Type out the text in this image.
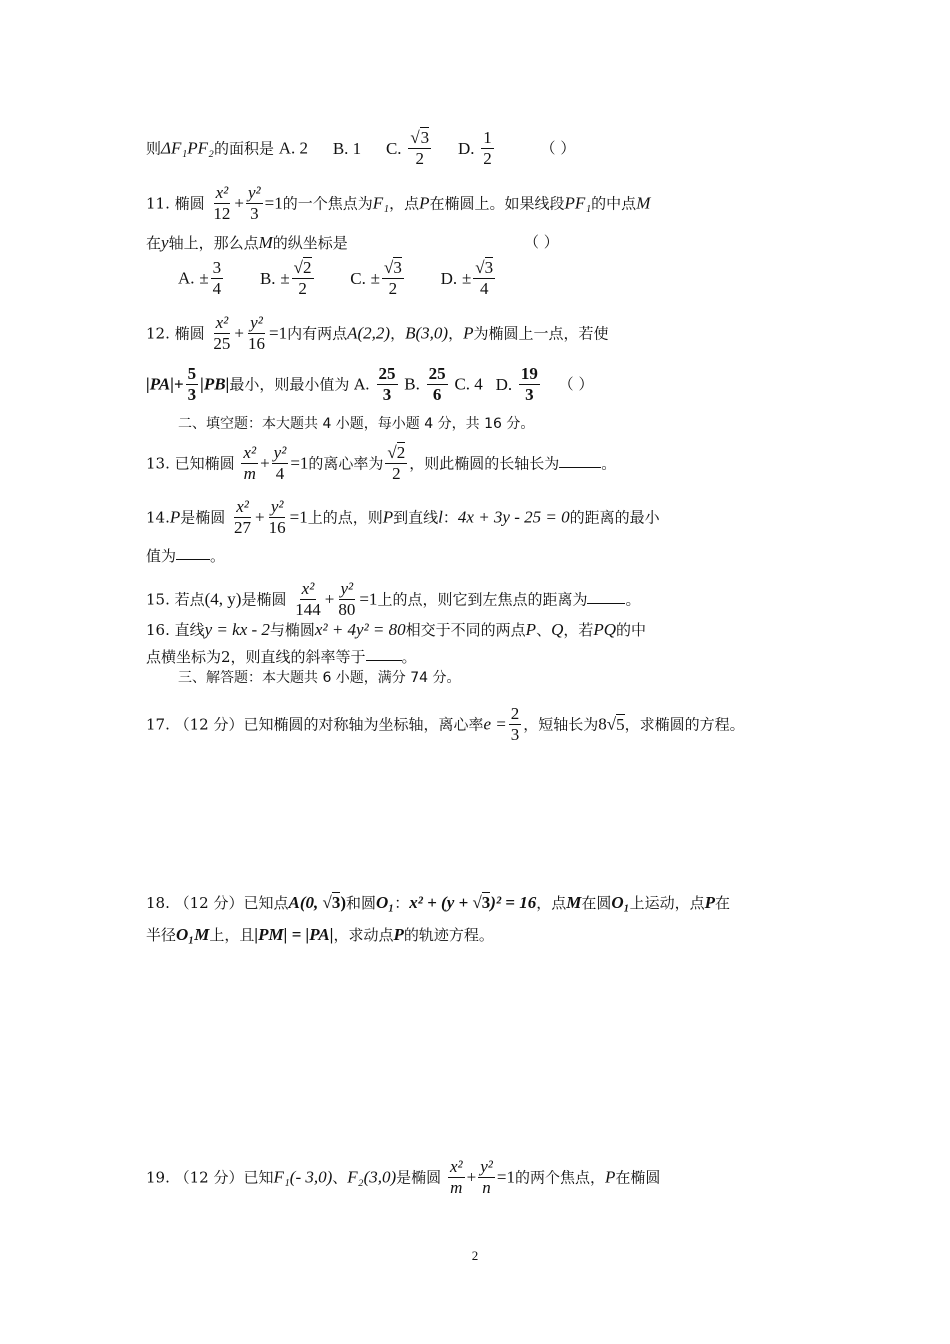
则ΔF₁PF₂的面积是 A. 2 B. 1 C. $\frac{√3}{2} D$. $\frac{1}{2}$	（ ）
11. 椭圆 $\frac{\text{x²}}{12} + \frac{\text{y²}}{3} =1$的一个焦点为F₁，点P在椭圆上。如果线段PF₁的中点M
在y轴上，那么点M的纵坐标是	（ ）
A. ± $\frac{3}{4} B$. ± $\frac{√2}{2} C$. ± $\frac{√3}{2} D$. ± $\frac{√3}{4}$
12. 椭圆 $\frac{\text{x²}}{25} + \frac{\text{y²}}{16} =1$内有两点A(2,2)，B(3,0)，P为椭圆上一点，若使
$|PA|+ \frac{5}{3} |PB|$最小，则最小值为 A. $\frac{25}{3} B$. $\frac{25}{6} C$. 4 D. $\frac{19}{3}$ （ ）
二、填空题：本大题共 4 小题，每小题 4 分，共 16 分。
13. 已知椭圆 $\frac{\text{x²}}{m} + \frac{\text{y²}}{4} =1$的离心率为 $\frac{√2}{2}$ ，则此椭圆的长轴长为	。
14.P是椭圆 $\frac{\text{x²}}{27} + \frac{\text{y²}}{16} =1$上的点，则P到直线l：4x + 3y - 25 = 0的距离的最小
值为 。
15. 若点(4, y)是椭圆 $\frac{\text{x²}}{144} + \frac{\text{y²}}{80} =1$上的点，则它到左焦点的距离为	。
16. 直线y = kx - 2与椭圆x² + 4y² = 80相交于不同的两点P、Q，若PQ的中
点横坐标为2，则直线的斜率等于 。
三、解答题：本大题共 6 小题，满分 74 分。
17. （12 分）已知椭圆的对称轴为坐标轴，离心率$e = \frac{2}{3}$ ，短轴长为8√5，求椭圆的方程。
18. （12 分）已知点A(0, √3)和圆O₁：x² + (y + √3)² = 16，点M在圆O₁上运动，点P在
半径O₁M上，且|PM| = |PA|，求动点P的轨迹方程。
19. （12 分）已知F₁(- 3,0)、F₂(3,0)是椭圆 $\frac{\text{x²}}{m} + \frac{\text{y²}}{n} =1$的两个焦点，P在椭圆
2
